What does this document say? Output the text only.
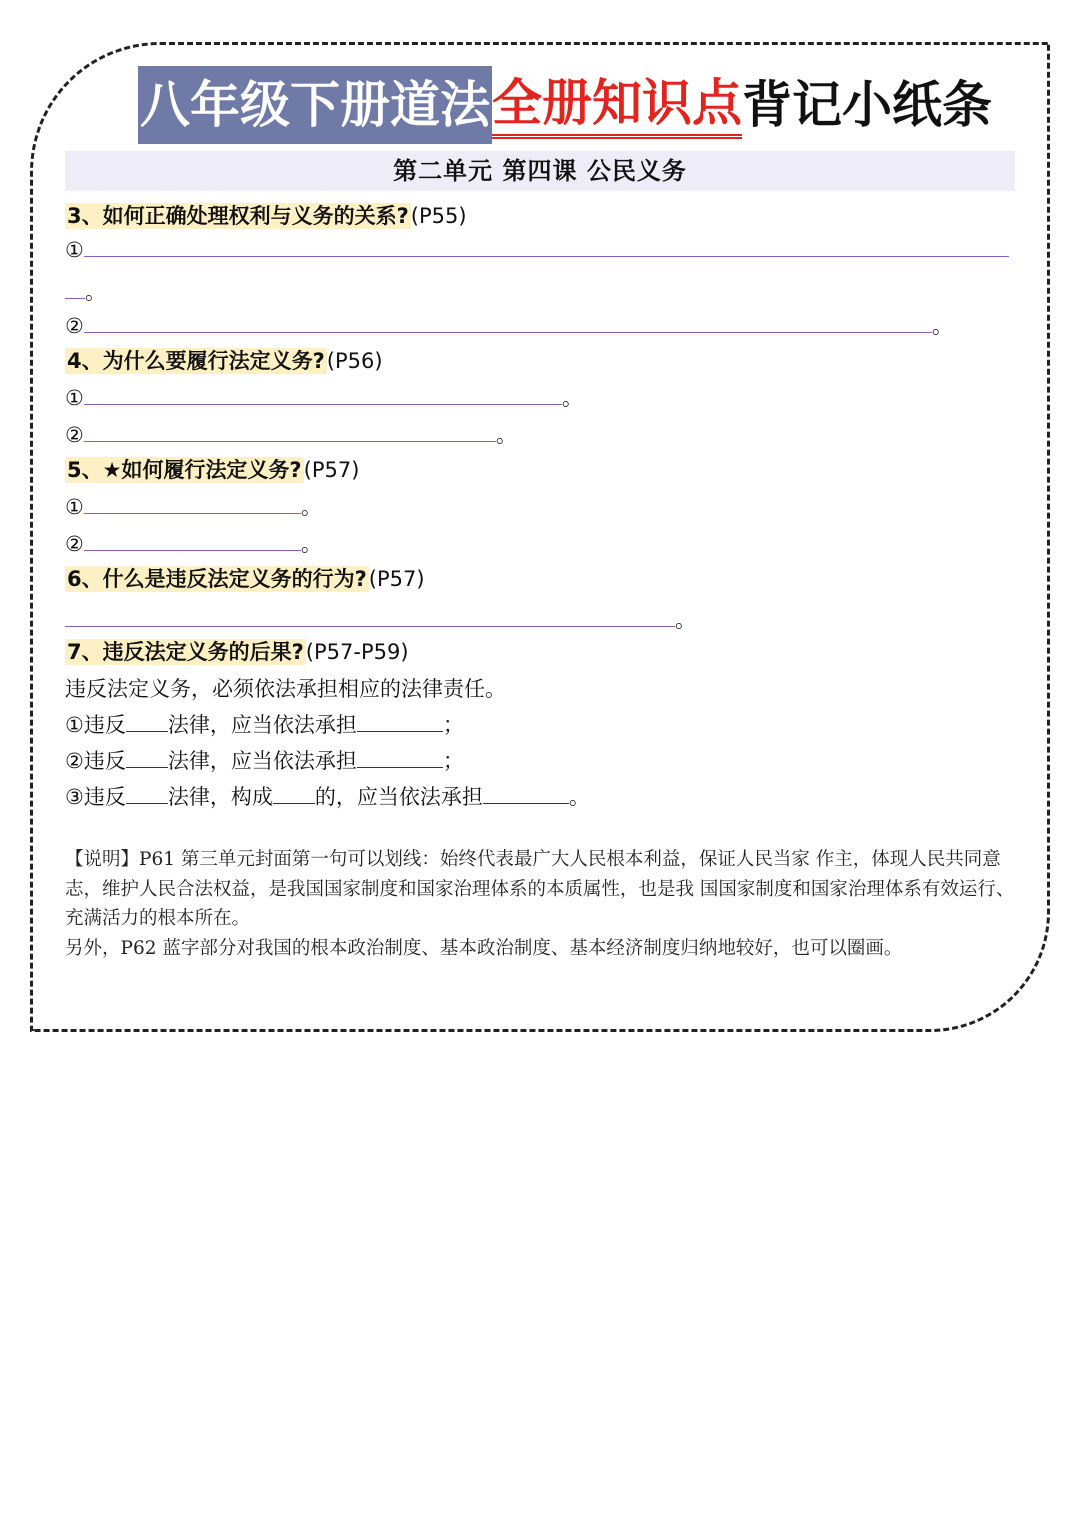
八年级下册道法 全册知识点 背记小纸条
第二单元 第四课 公民义务
3、如何正确处理权利与义务的关系?(P55)
①
。
②	。
4、为什么要履行法定义务?(P56)
①	。
②	。
5、★如何履行法定义务?(P57)
①	。
②	。
6、什么是违反法定义务的行为?(P57)
。
7、违反法定义务的后果?(P57-P59)
违反法定义务，必须依法承担相应的法律责任。
①违反 法律，应当依法承担	；
②违反 法律，应当依法承担	；
③违反 法律，构成 的，应当依法承担	。

【说明】P61 第三单元封面第一句可以划线：始终代表最广大人民根本利益，保证人民当家 作主，体现人民共同意志，维护人民合法权益，是我国国家制度和国家治理体系的本质属性，也是我 国国家制度和国家治理体系有效运行、充满活力的根本所在。

另外，P62 蓝字部分对我国的根本政治制度、基本政治制度、基本经济制度归纳地较好，也可以圈画。
